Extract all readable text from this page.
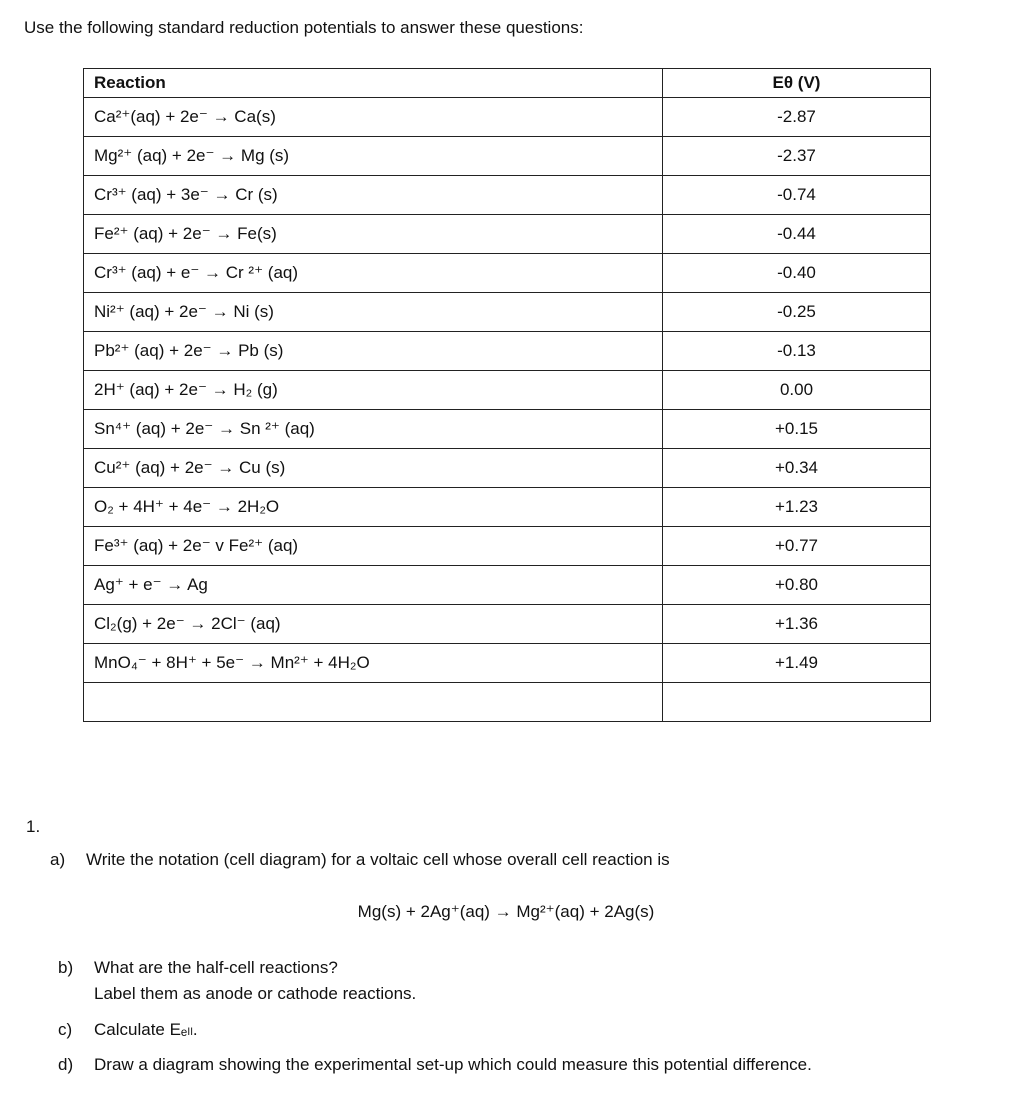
Use the following standard reduction potentials to answer these questions:
Reaction	Eθ (V)
Ca²⁺(aq) + 2e⁻ → Ca(s)	-2.87
Mg²⁺ (aq) + 2e⁻ → Mg (s)	-2.37
Cr³⁺ (aq) + 3e⁻ → Cr (s)	-0.74
Fe²⁺ (aq) + 2e⁻ → Fe(s)	-0.44
Cr³⁺ (aq) + e⁻ → Cr ²⁺ (aq)	-0.40
Ni²⁺ (aq) + 2e⁻ → Ni (s)	-0.25
Pb²⁺ (aq) + 2e⁻ → Pb (s)	-0.13
2H⁺ (aq) + 2e⁻ → H₂ (g)	0.00
Sn⁴⁺ (aq) + 2e⁻ → Sn ²⁺ (aq)	+0.15
Cu²⁺ (aq) + 2e⁻ → Cu (s)	+0.34
O₂ + 4H⁺ + 4e⁻ → 2H₂O	+1.23
Fe³⁺ (aq) + 2e⁻ v Fe²⁺ (aq)	+0.77
Ag⁺ + e⁻ → Ag	+0.80
Cl₂(g) + 2e⁻ → 2Cl⁻ (aq)	+1.36
MnO₄⁻ + 8H⁺ + 5e⁻ → Mn²⁺ + 4H₂O	+1.49

1.
a) Write the notation (cell diagram) for a voltaic cell whose overall cell reaction is
Mg(s) + 2Ag⁺(aq) → Mg²⁺(aq) + 2Ag(s)
b) What are the half-cell reactions?
Label them as anode or cathode reactions.
c) Calculate Eₑₗₗ.
d) Draw a diagram showing the experimental set-up which could measure this potential difference.
